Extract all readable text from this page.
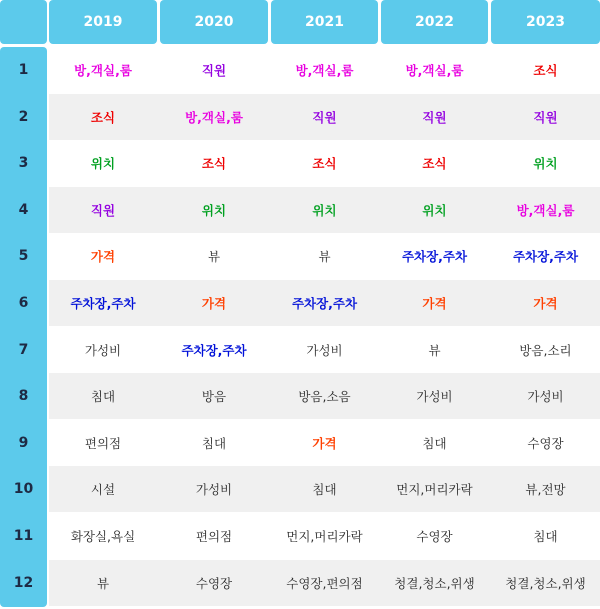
2019	2020	2021	2022	2023
1	방,객실,룸	직원	방,객실,룸	방,객실,룸	조식
2	조식	방,객실,룸	직원	직원	직원
3	위치	조식	조식	조식	위치
4	직원	위치	위치	위치	방,객실,룸
5	가격	뷰	뷰	주차장,주차	주차장,주차
6	주차장,주차	가격	주차장,주차	가격	가격
7	가성비	주차장,주차	가성비	뷰	방음,소리
8	침대	방음	방음,소음	가성비	가성비
9	편의점	침대	가격	침대	수영장
10	시설	가성비	침대	먼지,머리카락	뷰,전망
11	화장실,욕실	편의점	먼지,머리카락	수영장	침대
12	뷰	수영장	수영장,편의점	청결,청소,위생	청결,청소,위생
